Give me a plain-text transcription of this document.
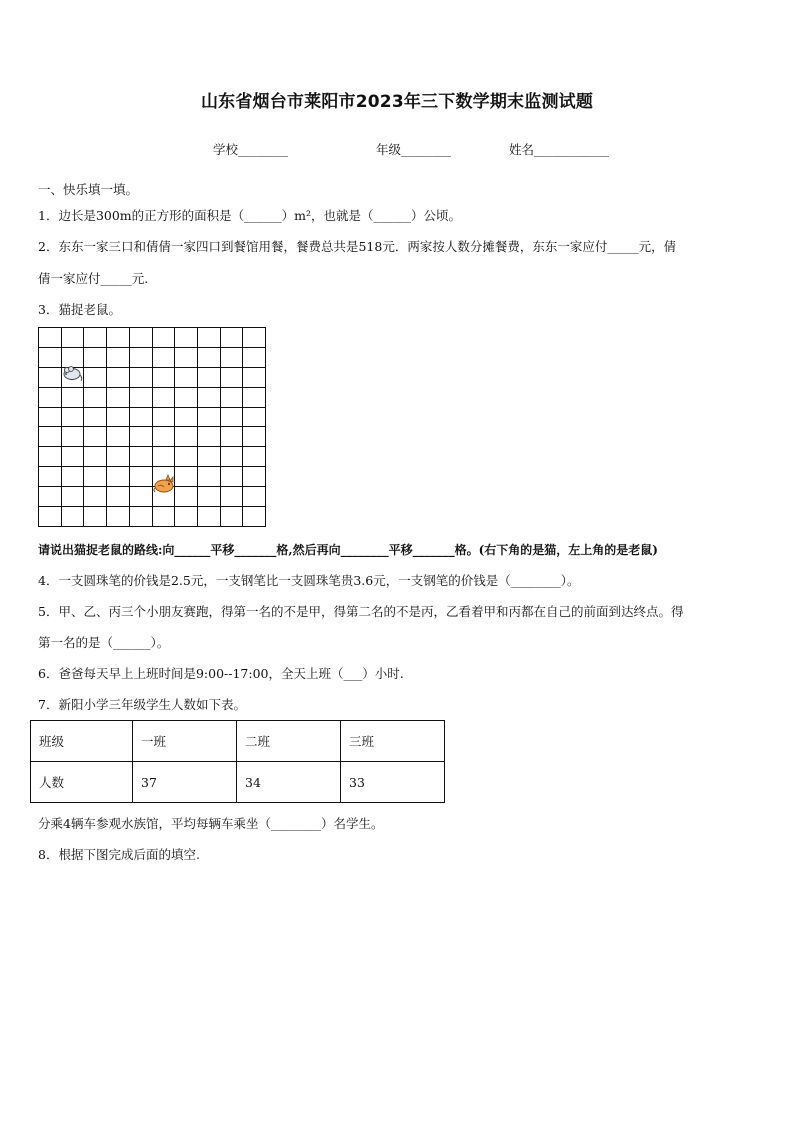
山东省烟台市莱阳市2023年三下数学期末监测试题
学校________	年级________	姓名____________
一、快乐填一填。
1．边长是300m的正方形的面积是（______）m²，也就是（______）公顷。
2．东东一家三口和倩倩一家四口到餐馆用餐，餐费总共是518元．两家按人数分摊餐费，东东一家应付_____元，倩
倩一家应付_____元.
3．猫捉老鼠。
请说出猫捉老鼠的路线:向______平移_______格,然后再向________平移_______格。(右下角的是猫，左上角的是老鼠)
4．一支圆珠笔的价钱是2.5元，一支钢笔比一支圆珠笔贵3.6元，一支钢笔的价钱是（________）。
5．甲、乙、丙三个小朋友赛跑，得第一名的不是甲，得第二名的不是丙，乙看着甲和丙都在自己的前面到达终点。得
第一名的是（______）。
6．爸爸每天早上上班时间是9:00--17:00，全天上班（___）小时.
7．新阳小学三年级学生人数如下表。
班级	一班	二班	三班
人数	37	34	33
分乘4辆车参观水族馆，平均每辆车乘坐（________）名学生。
8．根据下图完成后面的填空.
